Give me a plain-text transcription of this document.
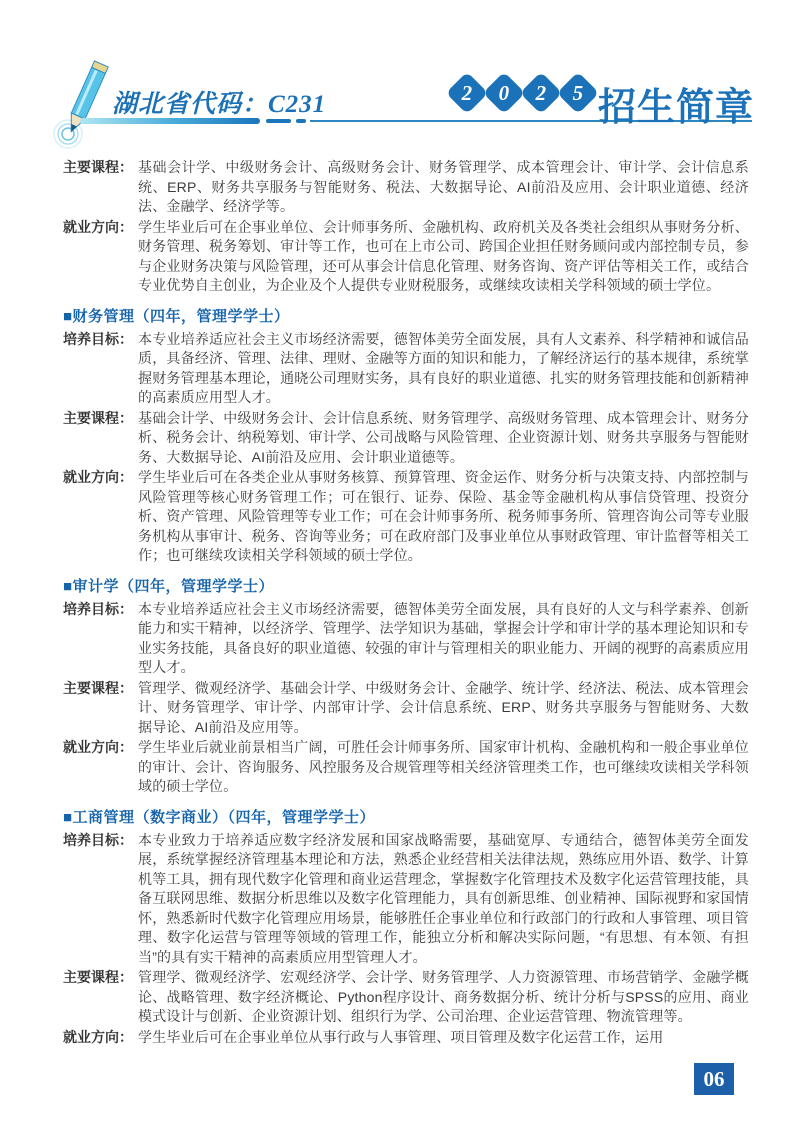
湖北省代码：C231	2 0 2 5 招生简章
主要课程： 基础会计学、中级财务会计、高级财务会计、财务管理学、成本管理会计、审计学、会计信息系统、ERP、财务共享服务与智能财务、税法、大数据导论、AI前沿及应用、会计职业道德、经济法、金融学、经济学等。
就业方向： 学生毕业后可在企事业单位、会计师事务所、金融机构、政府机关及各类社会组织从事财务分析、财务管理、税务筹划、审计等工作，也可在上市公司、跨国企业担任财务顾问或内部控制专员，参与企业财务决策与风险管理，还可从事会计信息化管理、财务咨询、资产评估等相关工作，或结合专业优势自主创业，为企业及个人提供专业财税服务，或继续攻读相关学科领域的硕士学位。
■财务管理（四年，管理学学士）
培养目标： 本专业培养适应社会主义市场经济需要，德智体美劳全面发展，具有人文素养、科学精神和诚信品质，具备经济、管理、法律、理财、金融等方面的知识和能力，了解经济运行的基本规律，系统掌握财务管理基本理论，通晓公司理财实务，具有良好的职业道德、扎实的财务管理技能和创新精神的高素质应用型人才。
主要课程： 基础会计学、中级财务会计、会计信息系统、财务管理学、高级财务管理、成本管理会计、财务分析、税务会计、纳税筹划、审计学、公司战略与风险管理、企业资源计划、财务共享服务与智能财务、大数据导论、AI前沿及应用、会计职业道德等。
就业方向： 学生毕业后可在各类企业从事财务核算、预算管理、资金运作、财务分析与决策支持、内部控制与风险管理等核心财务管理工作；可在银行、证券、保险、基金等金融机构从事信贷管理、投资分析、资产管理、风险管理等专业工作；可在会计师事务所、税务师事务所、管理咨询公司等专业服务机构从事审计、税务、咨询等业务；可在政府部门及事业单位从事财政管理、审计监督等相关工作；也可继续攻读相关学科领域的硕士学位。
■审计学（四年，管理学学士）
培养目标： 本专业培养适应社会主义市场经济需要，德智体美劳全面发展，具有良好的人文与科学素养、创新能力和实干精神，以经济学、管理学、法学知识为基础，掌握会计学和审计学的基本理论知识和专业实务技能，具备良好的职业道德、较强的审计与管理相关的职业能力、开阔的视野的高素质应用型人才。
主要课程： 管理学、微观经济学、基础会计学、中级财务会计、金融学、统计学、经济法、税法、成本管理会计、财务管理学、审计学、内部审计学、会计信息系统、ERP、财务共享服务与智能财务、大数据导论、AI前沿及应用等。
就业方向： 学生毕业后就业前景相当广阔，可胜任会计师事务所、国家审计机构、金融机构和一般企事业单位的审计、会计、咨询服务、风控服务及合规管理等相关经济管理类工作，也可继续攻读相关学科领域的硕士学位。
■工商管理（数字商业）（四年，管理学学士）
培养目标： 本专业致力于培养适应数字经济发展和国家战略需要，基础宽厚、专通结合，德智体美劳全面发展，系统掌握经济管理基本理论和方法，熟悉企业经营相关法律法规，熟练应用外语、数学、计算机等工具，拥有现代数字化管理和商业运营理念，掌握数字化管理技术及数字化运营管理技能，具备互联网思维、数据分析思维以及数字化管理能力，具有创新思维、创业精神、国际视野和家国情怀，熟悉新时代数字化管理应用场景，能够胜任企事业单位和行政部门的行政和人事管理、项目管理、数字化运营与管理等领域的管理工作，能独立分析和解决实际问题，“有思想、有本领、有担当”的具有实干精神的高素质应用型管理人才。
主要课程： 管理学、微观经济学、宏观经济学、会计学、财务管理学、人力资源管理、市场营销学、金融学概论、战略管理、数字经济概论、Python程序设计、商务数据分析、统计分析与SPSS的应用、商业模式设计与创新、企业资源计划、组织行为学、公司治理、企业运营管理、物流管理等。
就业方向： 学生毕业后可在企事业单位从事行政与人事管理、项目管理及数字化运营工作，运用
06
